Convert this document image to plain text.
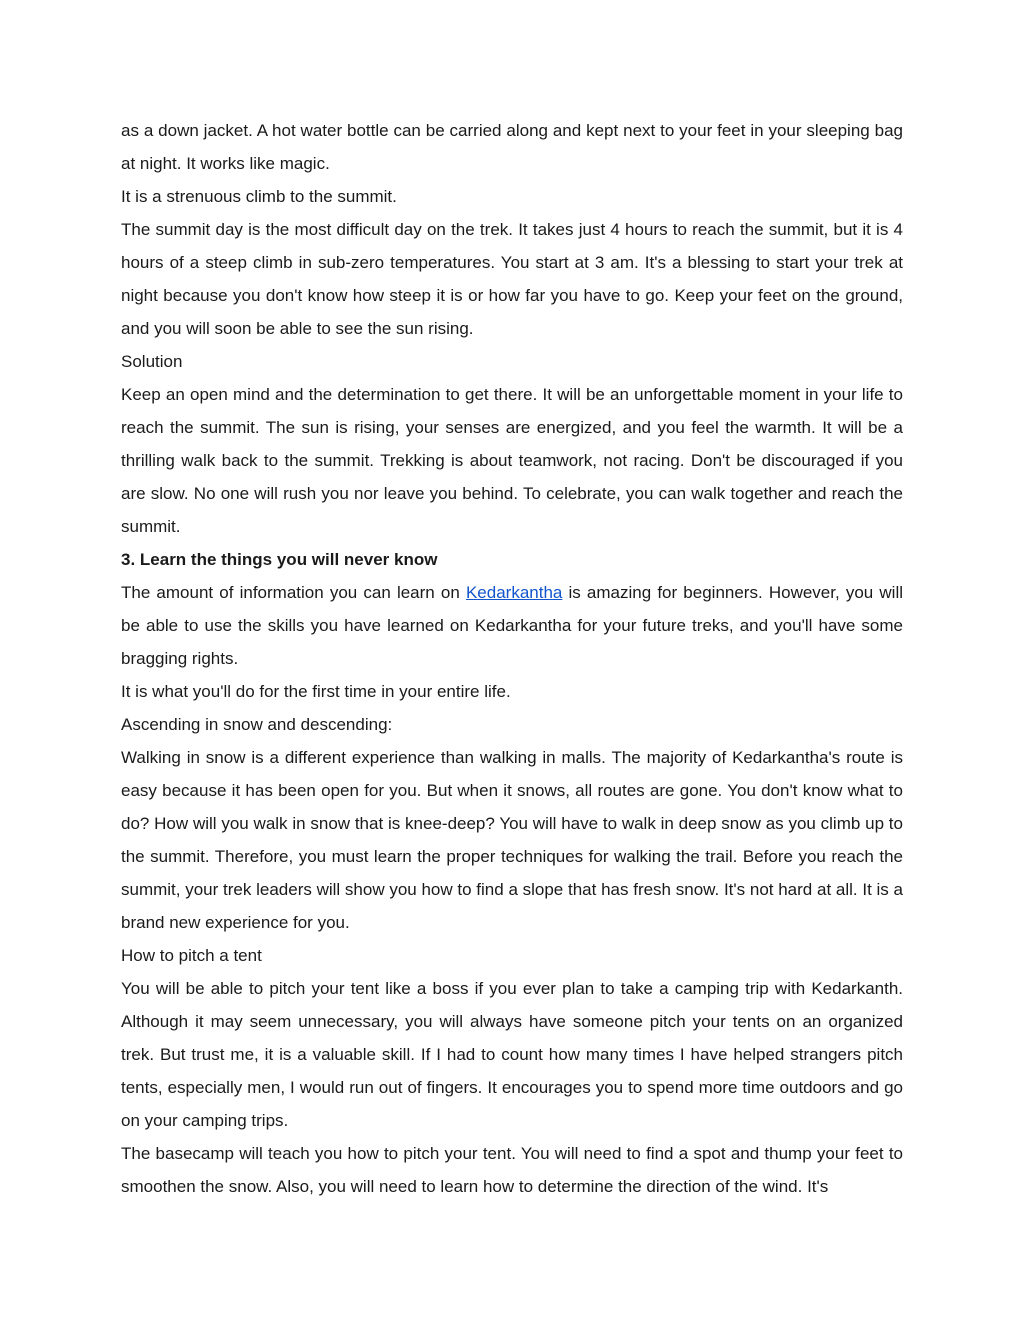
as a down jacket. A hot water bottle can be carried along and kept next to your feet in your sleeping bag at night. It works like magic.

It is a strenuous climb to the summit.

The summit day is the most difficult day on the trek. It takes just 4 hours to reach the summit, but it is 4 hours of a steep climb in sub-zero temperatures. You start at 3 am. It's a blessing to start your trek at night because you don't know how steep it is or how far you have to go. Keep your feet on the ground, and you will soon be able to see the sun rising.

Solution

Keep an open mind and the determination to get there. It will be an unforgettable moment in your life to reach the summit. The sun is rising, your senses are energized, and you feel the warmth. It will be a thrilling walk back to the summit. Trekking is about teamwork, not racing. Don't be discouraged if you are slow. No one will rush you nor leave you behind. To celebrate, you can walk together and reach the summit.

3. Learn the things you will never know

The amount of information you can learn on Kedarkantha is amazing for beginners. However, you will be able to use the skills you have learned on Kedarkantha for your future treks, and you'll have some bragging rights.

It is what you'll do for the first time in your entire life.

Ascending in snow and descending:

Walking in snow is a different experience than walking in malls. The majority of Kedarkantha's route is easy because it has been open for you. But when it snows, all routes are gone. You don't know what to do? How will you walk in snow that is knee-deep? You will have to walk in deep snow as you climb up to the summit. Therefore, you must learn the proper techniques for walking the trail. Before you reach the summit, your trek leaders will show you how to find a slope that has fresh snow. It's not hard at all. It is a brand new experience for you.

How to pitch a tent

You will be able to pitch your tent like a boss if you ever plan to take a camping trip with Kedarkanth. Although it may seem unnecessary, you will always have someone pitch your tents on an organized trek. But trust me, it is a valuable skill. If I had to count how many times I have helped strangers pitch tents, especially men, I would run out of fingers. It encourages you to spend more time outdoors and go on your camping trips.

The basecamp will teach you how to pitch your tent. You will need to find a spot and thump your feet to smoothen the snow. Also, you will need to learn how to determine the direction of the wind. It's
